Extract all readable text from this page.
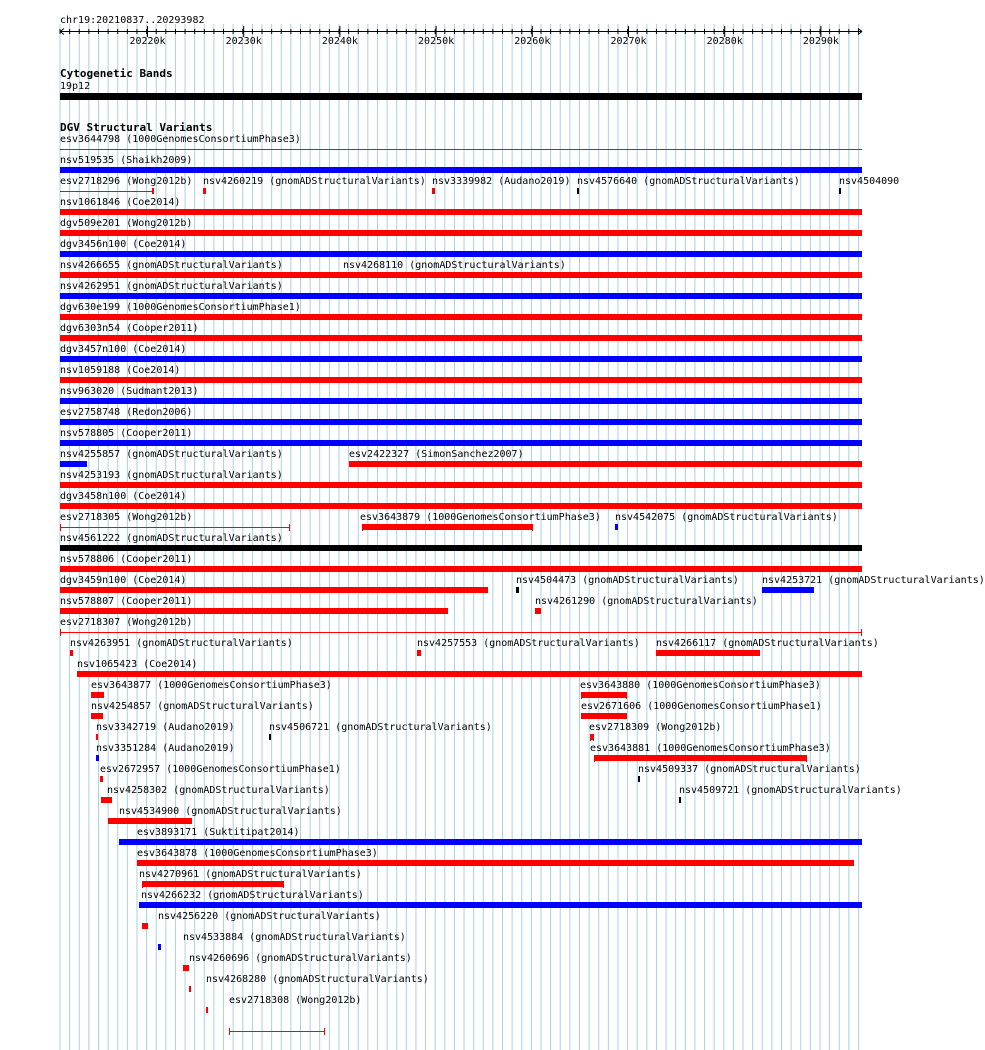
chr19:20210837..20293982
20220k	20230k	20240k	20250k	20260k	20270k	20280k	20290k
Cytogenetic Bands
19p12
DGV Structural Variants
esv3644798 (1000GenomesConsortiumPhase3)
nsv519535 (Shaikh2009)
esv2718296 (Wong2012b) nsv4260219 (gnomADStructuralVariants) nsv3339982 (Audano2019) nsv4576640 (gnomADStructuralVariants)	nsv4504090
nsv1061846 (Coe2014)
dgv509e201 (Wong2012b)
dgv3456n100 (Coe2014)
nsv4266655 (gnomADStructuralVariants)	nsv4268110 (gnomADStructuralVariants)
nsv4262951 (gnomADStructuralVariants)
dgv630e199 (1000GenomesConsortiumPhase1)
dgv6303n54 (Cooper2011)
dgv3457n100 (Coe2014)
nsv1059188 (Coe2014)
nsv963020 (Sudmant2013)
esv2758748 (Redon2006)
nsv578805 (Cooper2011)
nsv4255857 (gnomADStructuralVariants)	esv2422327 (SimonSanchez2007)
nsv4253193 (gnomADStructuralVariants)
dgv3458n100 (Coe2014)
esv2718305 (Wong2012b)	esv3643879 (1000GenomesConsortiumPhase3) nsv4542075 (gnomADStructuralVariants)
nsv4561222 (gnomADStructuralVariants)
nsv578806 (Cooper2011)
dgv3459n100 (Coe2014)	nsv4504473 (gnomADStructuralVariants) nsv4253721 (gnomADStructuralVariants)
nsv578807 (Cooper2011)	nsv4261290 (gnomADStructuralVariants)
esv2718307 (Wong2012b)
nsv4263951 (gnomADStructuralVariants)	nsv4257553 (gnomADStructuralVariants) nsv4266117 (gnomADStructuralVariants)
nsv1065423 (Coe2014)
esv3643877 (1000GenomesConsortiumPhase3)	esv3643880 (1000GenomesConsortiumPhase3)
nsv4254857 (gnomADStructuralVariants)	esv2671606 (1000GenomesConsortiumPhase1)
nsv3342719 (Audano2019)	nsv4506721 (gnomADStructuralVariants)	esv2718309 (Wong2012b)
nsv3351284 (Audano2019)	esv3643881 (1000GenomesConsortiumPhase3)
esv2672957 (1000GenomesConsortiumPhase1)	nsv4509337 (gnomADStructuralVariants)
nsv4258302 (gnomADStructuralVariants)	nsv4509721 (gnomADStructuralVariants)
nsv4534900 (gnomADStructuralVariants)
esv3893171 (Suktitipat2014)
esv3643878 (1000GenomesConsortiumPhase3)
nsv4270961 (gnomADStructuralVariants)
nsv4266232 (gnomADStructuralVariants)
nsv4256220 (gnomADStructuralVariants)
nsv4533884 (gnomADStructuralVariants)
nsv4260696 (gnomADStructuralVariants)
nsv4268280 (gnomADStructuralVariants)
esv2718308 (Wong2012b)
